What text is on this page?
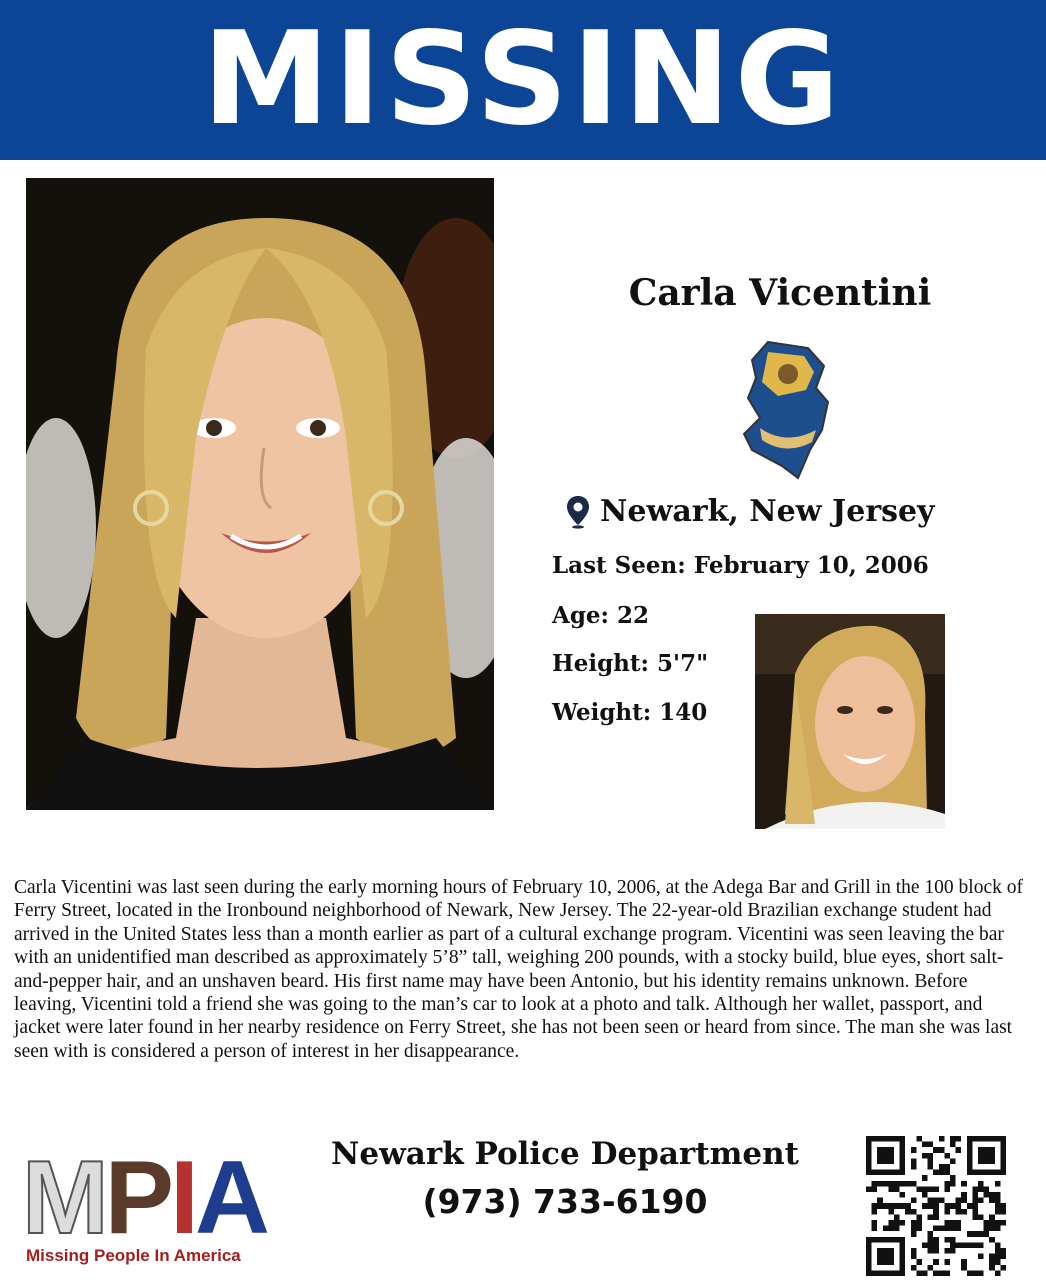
MISSING
Carla Vicentini
Newark, New Jersey
Last Seen: February 10, 2006
Age: 22
Height: 5'7"
Weight: 140
Carla Vicentini was last seen during the early morning hours of February 10, 2006, at the Adega Bar and Grill in the 100 block of Ferry Street, located in the Ironbound neighborhood of Newark, New Jersey. The 22-year-old Brazilian exchange student had arrived in the United States less than a month earlier as part of a cultural exchange program. Vicentini was seen leaving the bar with an unidentified man described as approximately 5’8” tall, weighing 200 pounds, with a stocky build, blue eyes, short salt-and-pepper hair, and an unshaven beard. His first name may have been Antonio, but his identity remains unknown. Before leaving, Vicentini told a friend she was going to the man’s car to look at a photo and talk. Although her wallet, passport, and jacket were later found in her nearby residence on Ferry Street, she has not been seen or heard from since. The man she was last seen with is considered a person of interest in her disappearance.
MPIA
Missing People In America
Newark Police Department
(973) 733-6190
